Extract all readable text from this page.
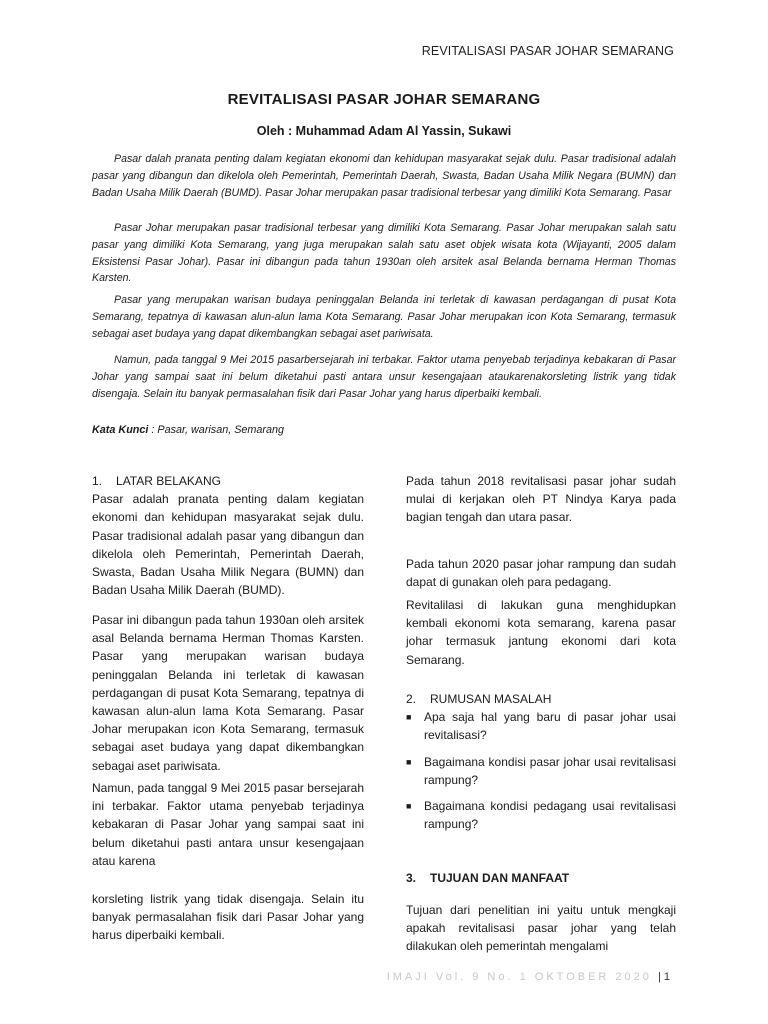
REVITALISASI PASAR JOHAR SEMARANG
REVITALISASI PASAR JOHAR SEMARANG
Oleh : Muhammad Adam Al Yassin, Sukawi

Pasar dalah pranata penting dalam kegiatan ekonomi dan kehidupan masyarakat sejak dulu. Pasar tradisional adalah pasar yang dibangun dan dikelola oleh Pemerintah, Pemerintah Daerah, Swasta, Badan Usaha Milik Negara (BUMN) dan Badan Usaha Milik Daerah (BUMD). Pasar Johar merupakan pasar tradisional terbesar yang dimiliki Kota Semarang. Pasar

Pasar Johar merupakan pasar tradisional terbesar yang dimiliki Kota Semarang. Pasar Johar merupakan salah satu pasar yang dimiliki Kota Semarang, yang juga merupakan salah satu aset objek wisata kota (Wijayanti, 2005 dalam Eksistensi Pasar Johar). Pasar ini dibangun pada tahun 1930an oleh arsitek asal Belanda bernama Herman Thomas Karsten.

Pasar yang merupakan warisan budaya peninggalan Belanda ini terletak di kawasan perdagangan di pusat Kota Semarang, tepatnya di kawasan alun-alun lama Kota Semarang. Pasar Johar merupakan icon Kota Semarang, termasuk sebagai aset budaya yang dapat dikembangkan sebagai aset pariwisata.

Namun, pada tanggal 9 Mei 2015 pasarbersejarah ini terbakar. Faktor utama penyebab terjadinya kebakaran di Pasar Johar yang sampai saat ini belum diketahui pasti antara unsur kesengajaan ataukarenakorsleting listrik yang tidak disengaja. Selain itu banyak permasalahan fisik dari Pasar Johar yang harus diperbaiki kembali.

Kata Kunci : Pasar, warisan, Semarang
1. LATAR BELAKANG

Pasar adalah pranata penting dalam kegiatan ekonomi dan kehidupan masyarakat sejak dulu. Pasar tradisional adalah pasar yang dibangun dan dikelola oleh Pemerintah, Pemerintah Daerah, Swasta, Badan Usaha Milik Negara (BUMN) dan Badan Usaha Milik Daerah (BUMD).

Pasar ini dibangun pada tahun 1930an oleh arsitek asal Belanda bernama Herman Thomas Karsten. Pasar yang merupakan warisan budaya peninggalan Belanda ini terletak di kawasan perdagangan di pusat Kota Semarang, tepatnya di kawasan alun-alun lama Kota Semarang. Pasar Johar merupakan icon Kota Semarang, termasuk sebagai aset budaya yang dapat dikembangkan sebagai aset pariwisata.

Namun, pada tanggal 9 Mei 2015 pasar bersejarah ini terbakar. Faktor utama penyebab terjadinya kebakaran di Pasar Johar yang sampai saat ini belum diketahui pasti antara unsur kesengajaan atau karena

korsleting listrik yang tidak disengaja. Selain itu banyak permasalahan fisik dari Pasar Johar yang harus diperbaiki kembali.

Pada tahun 2018 revitalisasi pasar johar sudah mulai di kerjakan oleh PT Nindya Karya pada bagian tengah dan utara pasar.

Pada tahun 2020 pasar johar rampung dan sudah dapat di gunakan oleh para pedagang.

Revitalilasi di lakukan guna menghidupkan kembali ekonomi kota semarang, karena pasar johar termasuk jantung ekonomi dari kota Semarang.

2. RUMUSAN MASALAH
■	Apa saja hal yang baru di pasar johar usai revitalisasi?
■	Bagaimana kondisi pasar johar usai revitalisasi rampung?
■	Bagaimana kondisi pedagang usai revitalisasi rampung?
3. TUJUAN DAN MANFAAT

Tujuan dari penelitian ini yaitu untuk mengkaji apakah revitalisasi pasar johar yang telah dilakukan oleh pemerintah mengalami

IMAJI Vol. 9 No. 1 OKTOBER 2020 | 1
